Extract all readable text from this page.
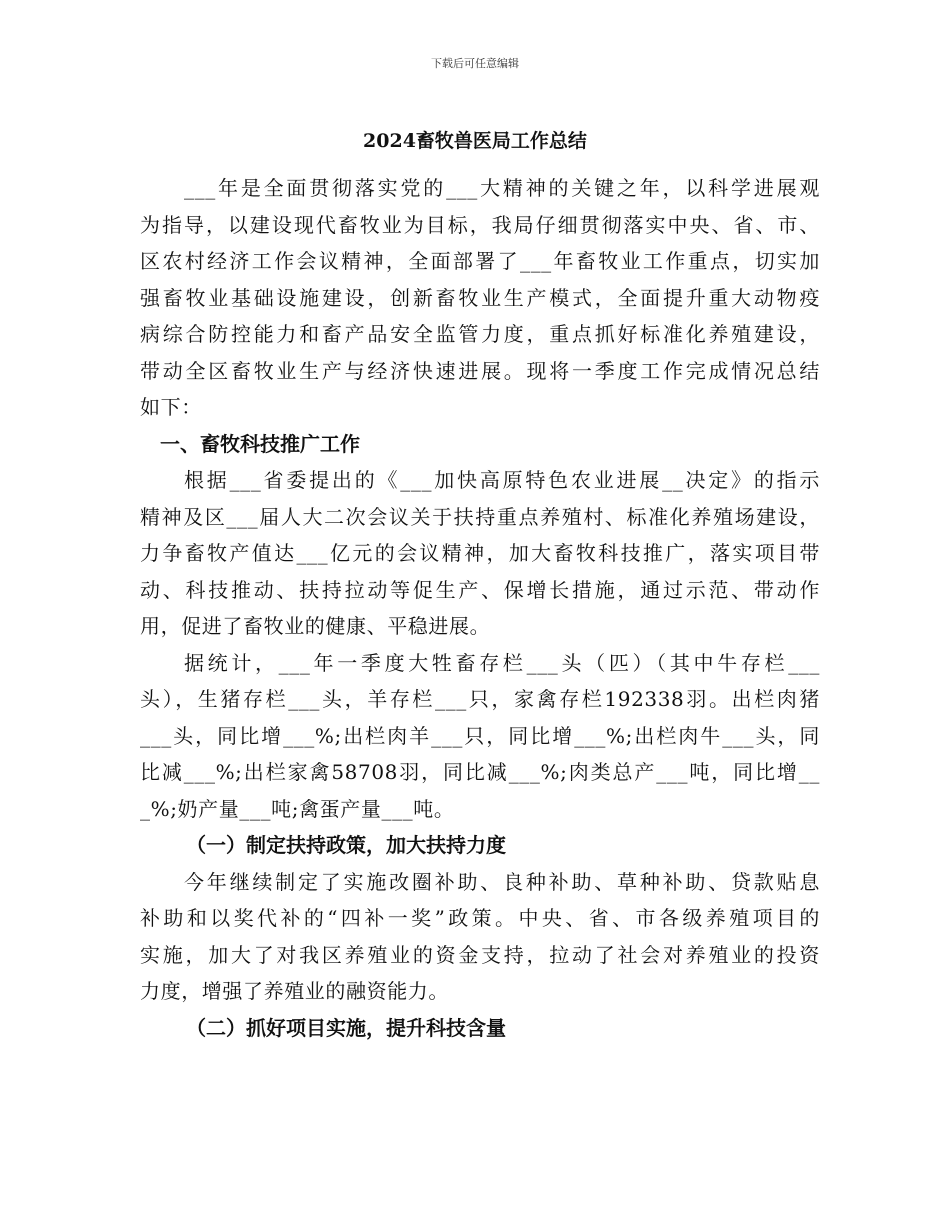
下载后可任意编辑
2024畜牧兽医局工作总结
___年是全面贯彻落实党的___大精神的关键之年，以科学进展观
为指导，以建设现代畜牧业为目标，我局仔细贯彻落实中央、省、市、
区农村经济工作会议精神，全面部署了___年畜牧业工作重点，切实加
强畜牧业基础设施建设，创新畜牧业生产模式，全面提升重大动物疫
病综合防控能力和畜产品安全监管力度，重点抓好标准化养殖建设，
带动全区畜牧业生产与经济快速进展。现将一季度工作完成情况总结
如下：
一、畜牧科技推广工作
根据___省委提出的《___加快高原特色农业进展__决定》的指示
精神及区___届人大二次会议关于扶持重点养殖村、标准化养殖场建设，
力争畜牧产值达___亿元的会议精神，加大畜牧科技推广，落实项目带
动、科技推动、扶持拉动等促生产、保增长措施，通过示范、带动作
用，促进了畜牧业的健康、平稳进展。
据统计，___年一季度大牲畜存栏___头（匹）（其中牛存栏___
头），生猪存栏___头，羊存栏___只，家禽存栏192338羽。出栏肉猪
___头，同比增___%;出栏肉羊___只，同比增___%;出栏肉牛___头，同
比减___%;出栏家禽58708羽，同比减___%;肉类总产___吨，同比增__
_%;奶产量___吨;禽蛋产量___吨。
（一）制定扶持政策，加大扶持力度
今年继续制定了实施改圈补助、良种补助、草种补助、贷款贴息
补助和以奖代补的“四补一奖”政策。中央、省、市各级养殖项目的
实施，加大了对我区养殖业的资金支持，拉动了社会对养殖业的投资
力度，增强了养殖业的融资能力。
（二）抓好项目实施，提升科技含量
